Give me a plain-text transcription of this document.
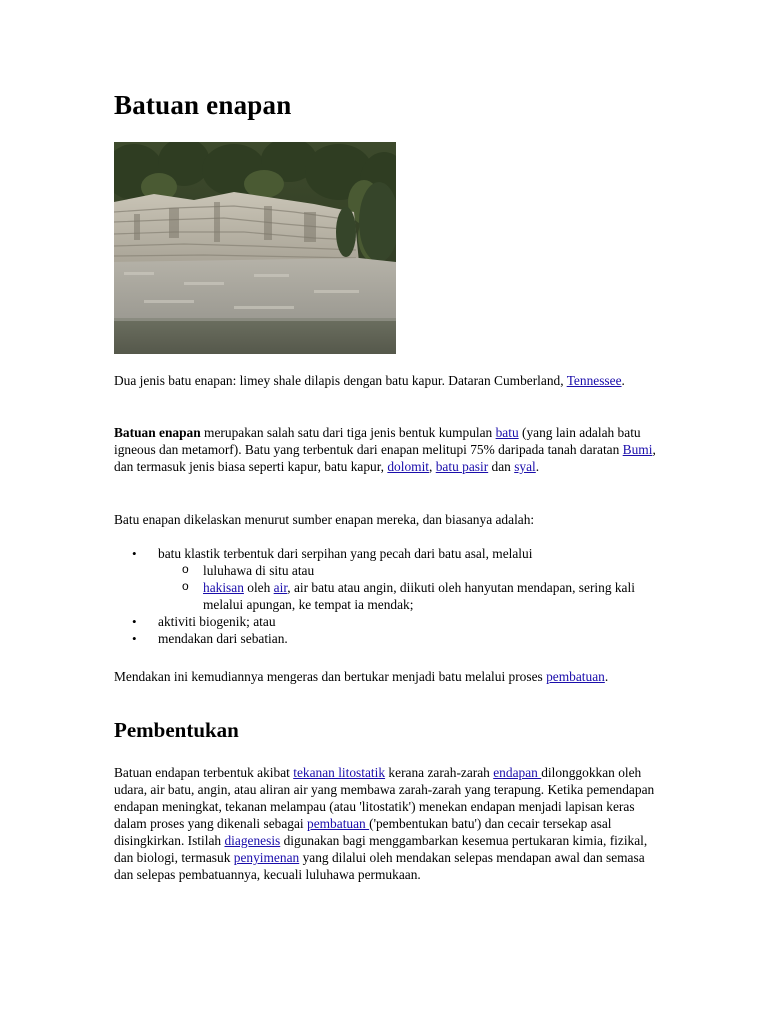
Batuan enapan

Dua jenis batu enapan: limey shale dilapis dengan batu kapur. Dataran Cumberland, Tennessee.

Batuan enapan merupakan salah satu dari tiga jenis bentuk kumpulan batu (yang lain adalah batu igneous dan metamorf). Batu yang terbentuk dari enapan melitupi 75% daripada tanah daratan Bumi, dan termasuk jenis biasa seperti kapur, batu kapur, dolomit, batu pasir dan syal.

Batu enapan dikelaskan menurut sumber enapan mereka, dan biasanya adalah:

• batu klastik terbentuk dari serpihan yang pecah dari batu asal, melalui
o luluhawa di situ atau
o hakisan oleh air, air batu atau angin, diikuti oleh hanyutan mendapan, sering kali melalui apungan, ke tempat ia mendak;
• aktiviti biogenik; atau
• mendakan dari sebatian.

Mendakan ini kemudiannya mengeras dan bertukar menjadi batu melalui proses pembatuan.

Pembentukan

Batuan endapan terbentuk akibat tekanan litostatik kerana zarah-zarah endapan dilonggokkan oleh udara, air batu, angin, atau aliran air yang membawa zarah-zarah yang terapung. Ketika pemendapan endapan meningkat, tekanan melampau (atau 'litostatik') menekan endapan menjadi lapisan keras dalam proses yang dikenali sebagai pembatuan ('pembentukan batu') dan cecair tersekap asal disingkirkan. Istilah diagenesis digunakan bagi menggambarkan kesemua pertukaran kimia, fizikal, dan biologi, termasuk penyimenan yang dilalui oleh mendakan selepas mendapan awal dan semasa dan selepas pembatuannya, kecuali luluhawa permukaan.
